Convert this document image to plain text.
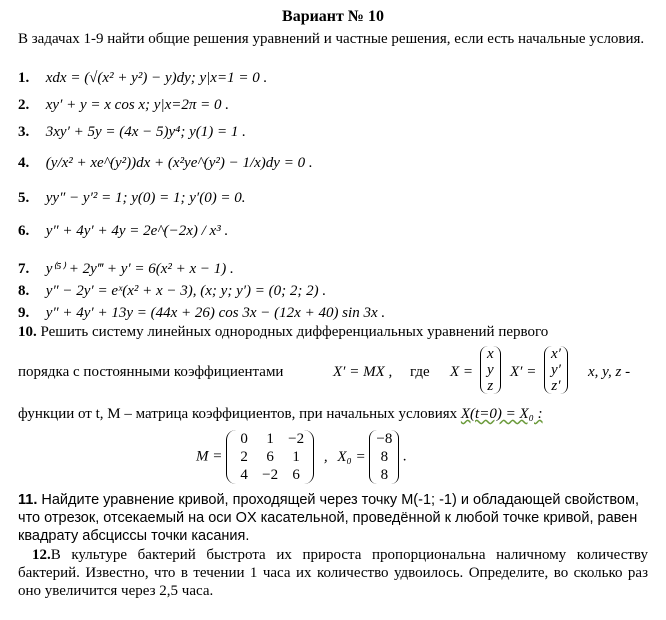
Вариант № 10
В задачах 1-9 найти общие решения уравнений и частные решения, если есть начальные условия.
1. xdx = (√(x² + y²) − y)dy; y|x=1 = 0 .
2. xy′ + y = x cos x; y|x=2π = 0 .
3. 3xy′ + 5y = (4x − 5)y⁴; y(1) = 1 .
4. (y/x² + xe^(y²))dx + (x²ye^(y²) − 1/x)dy = 0 .
5. yy″ − y′² = 1; y(0) = 1; y′(0) = 0.
6. y″ + 4y′ + 4y = 2e^(−2x) / x³ .
7. y⁽⁵⁾ + 2y‴ + y′ = 6(x² + x − 1) .
8. y″ − 2y′ = eˣ(x² + x − 3), (x; y; y′) = (0; 2; 2) .
9. y″ + 4y′ + 13y = (44x + 26) cos 3x − (12x + 40) sin 3x .
10. Решить систему линейных однородных дифференциальных уравнений первого
порядка с постоянными коэффициентами	X′ = MX , где X =
x
y
z
X′ =
x′
y′
z′
x, y, z -
функции от t, M – матрица коэффициентов, при начальных условиях X(t=0) = X₀ :
M =
0	1 −2
2	6	1
4 −2 6
, X₀ = −8
8
8 .
11. Найдите уравнение кривой, проходящей через точку M(-1; -1) и обладающей свойством, что отрезок, отсекаемый на оси OX касательной, проведённой к любой точке кривой, равен квадрату абсциссы точки касания.
12.В культуре бактерий быстрота их прироста пропорциональна наличному количеству бактерий. Известно, что в течении 1 часа их количество удвоилось. Определите, во сколько раз оно увеличится через 2,5 часа.
